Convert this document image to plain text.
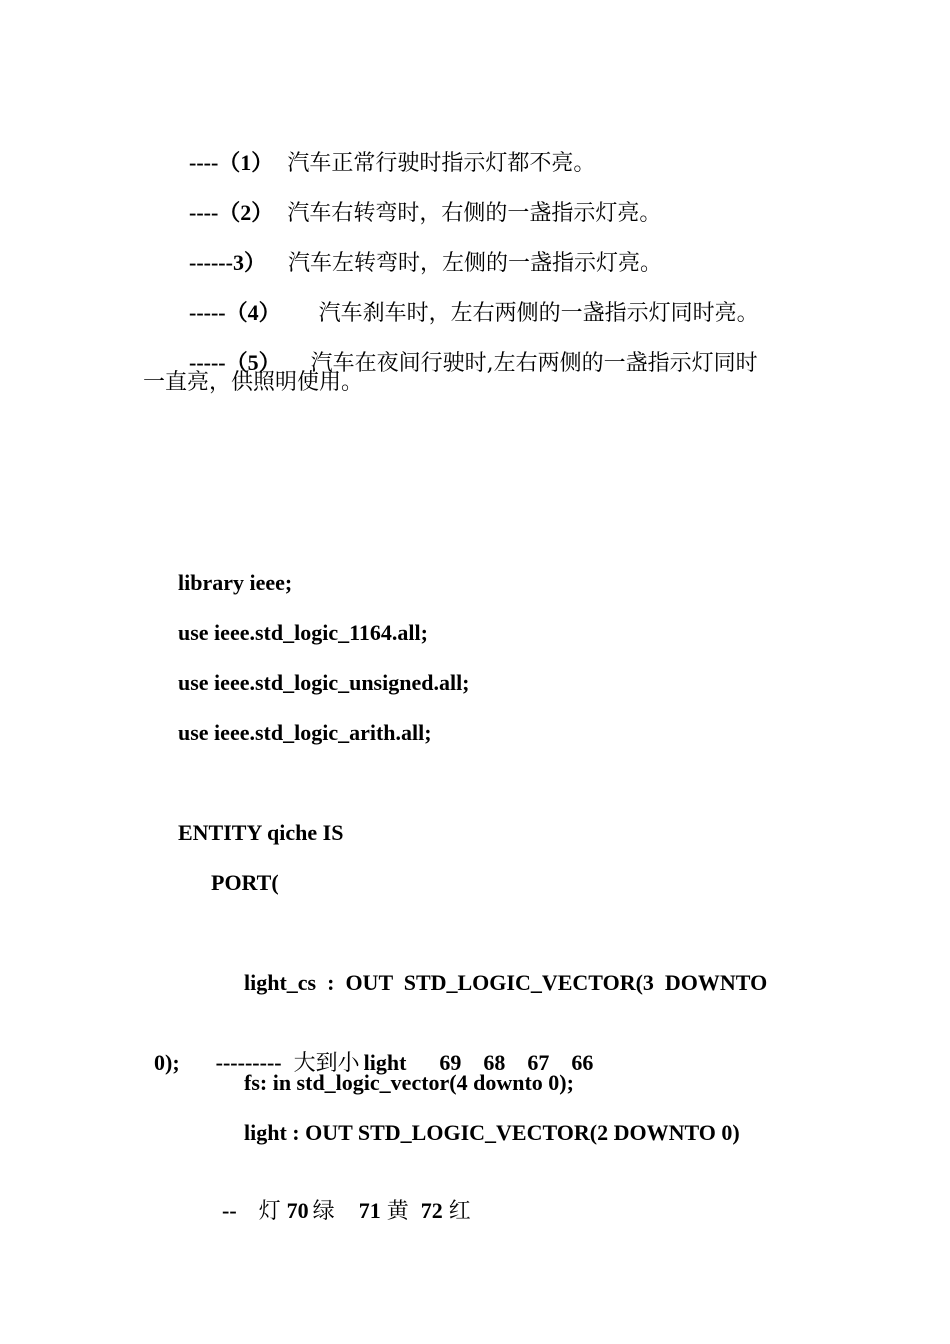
----（1） 汽车正常行驶时指示灯都不亮。

----（2） 汽车右转弯时，右侧的一盏指示灯亮。

------3） 汽车左转弯时，左侧的一盏指示灯亮。

-----（4） 汽车刹车时，左右两侧的一盏指示灯同时亮。

-----（5） 汽车在夜间行驶时,左右两侧的一盏指示灯同时

一直亮，供照明使用。
library ieee;
use ieee.std_logic_1164.all;
use ieee.std_logic_unsigned.all;
use ieee.std_logic_arith.all;
ENTITY qiche IS
PORT(
light_cs  :  OUT  STD_LOGIC_VECTOR(3  DOWNTO

0); --------- 大到小 light      69    68    67    66

fs: in std_logic_vector(4 downto 0);
light : OUT STD_LOGIC_VECTOR(2 DOWNTO 0)

-- 灯 70 绿 71 黄 72 红
